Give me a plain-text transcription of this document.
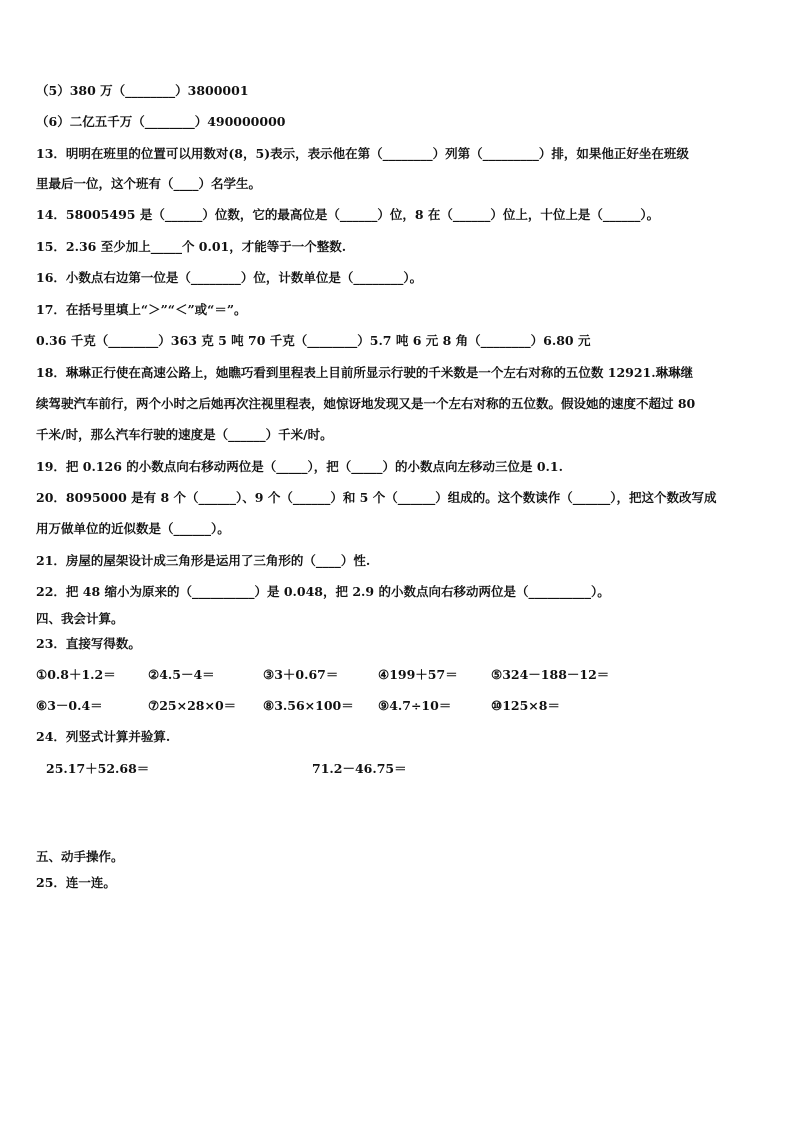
（5）380 万（________）3800001
（6）二亿五千万（________）490000000
13．明明在班里的位置可以用数对(8，5)表示，表示他在第（________）列第（_________）排，如果他正好坐在班级
里最后一位，这个班有（____）名学生。
14．58005495 是（______）位数，它的最高位是（______）位，8 在（______）位上，十位上是（______）。
15．2.36 至少加上_____个 0.01，才能等于一个整数.
16．小数点右边第一位是（________）位，计数单位是（________）。
17．在括号里填上“＞”“＜”或“＝”。
0.36 千克（________）363 克 5 吨 70 千克（________）5.7 吨 6 元 8 角（________）6.80 元
18．琳琳正行使在高速公路上，她瞧巧看到里程表上目前所显示行驶的千米数是一个左右对称的五位数 12921.琳琳继
续驾驶汽车前行，两个小时之后她再次注视里程表，她惊讶地发现又是一个左右对称的五位数。假设她的速度不超过 80
千米/时，那么汽车行驶的速度是（______）千米/时。
19．把 0.126 的小数点向右移动两位是（_____），把（_____）的小数点向左移动三位是 0.1.
20．8095000 是有 8 个（______）、9 个（______）和 5 个（______）组成的。这个数读作（______），把这个数改写成
用万做单位的近似数是（______）。
21．房屋的屋架设计成三角形是运用了三角形的（____）性.
22．把 48 缩小为原来的（__________）是 0.048，把 2.9 的小数点向右移动两位是（__________）。
四、我会计算。
23．直接写得数。
①0.8＋1.2＝	②4.5－4＝	③3＋0.67＝	④199＋57＝	⑤324－188－12＝
⑥3－0.4＝	⑦25×28×0＝ ⑧3.56×100＝ ⑨4.7÷10＝	⑩125×8＝
24．列竖式计算并验算.
25.17＋52.68＝	71.2－46.75＝
五、动手操作。
25．连一连。
